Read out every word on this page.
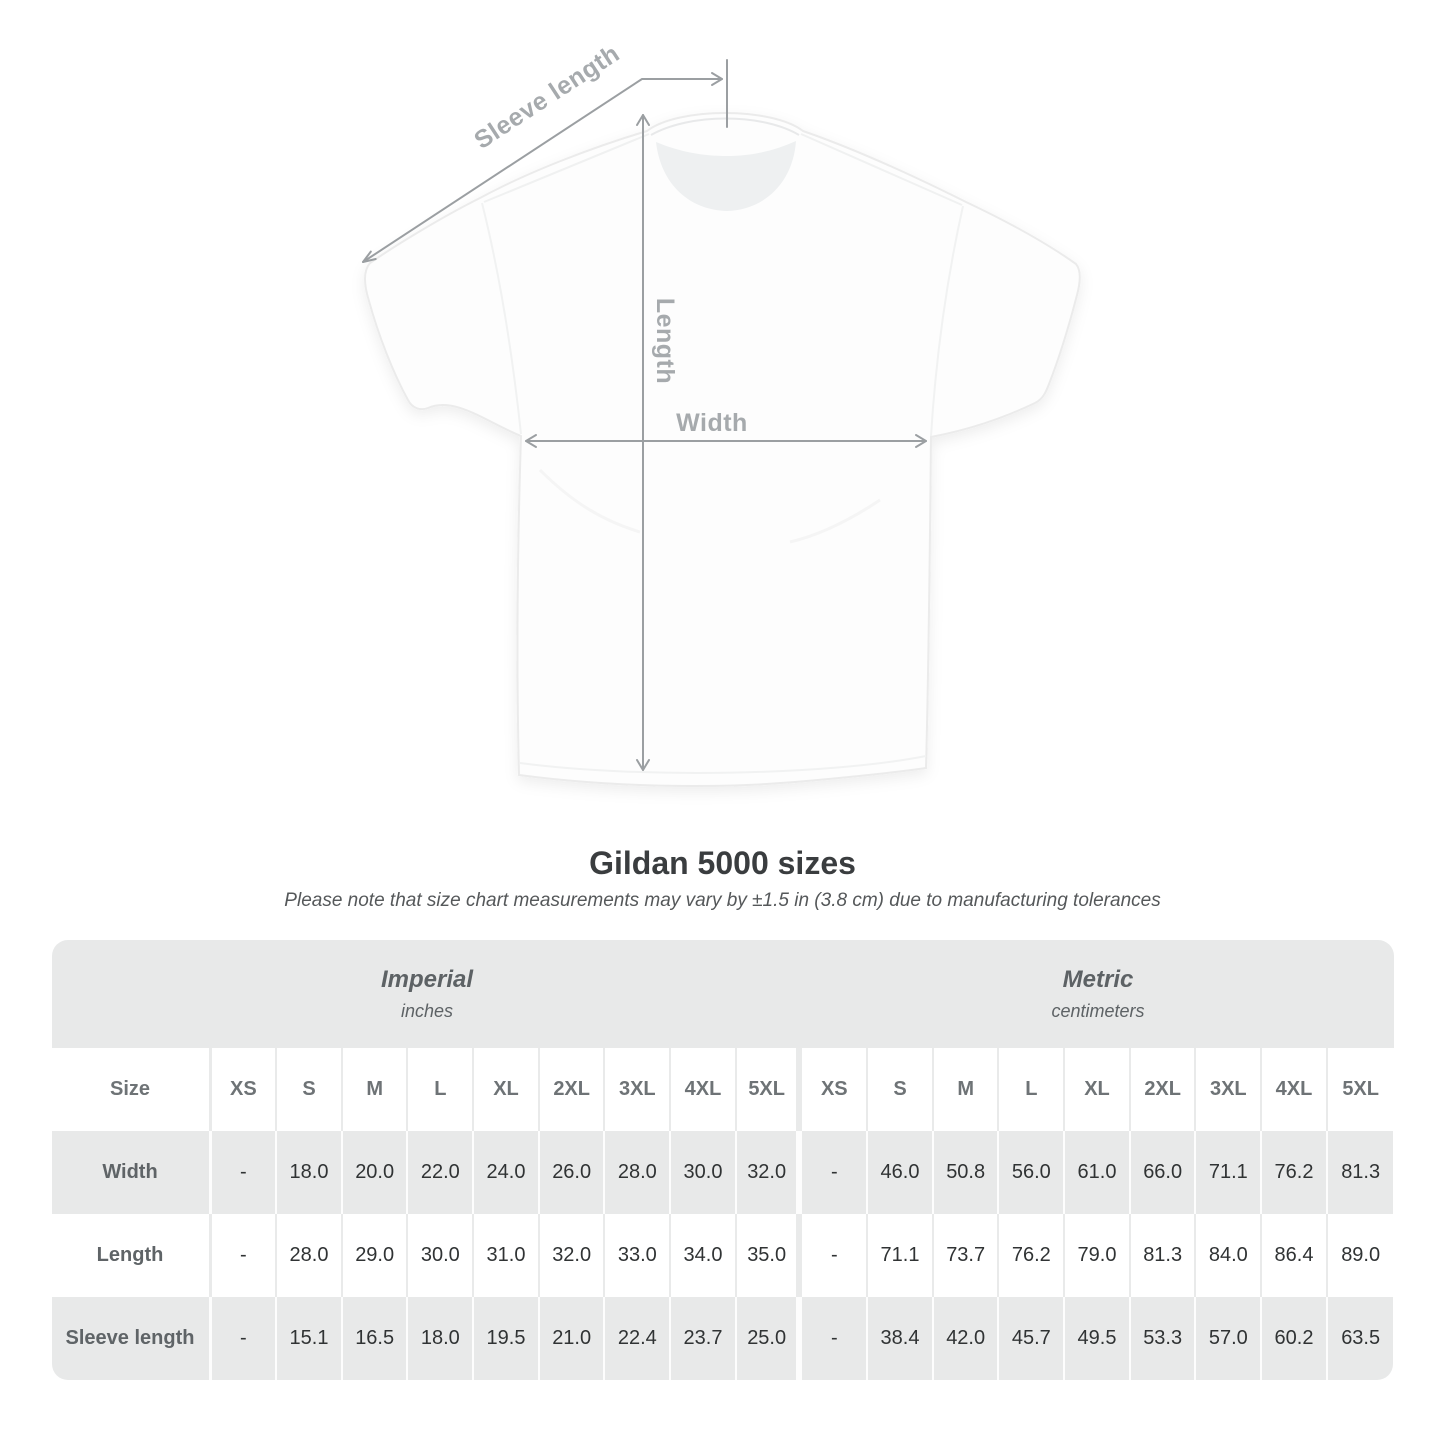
Sleeve length
Length
Width
Gildan 5000 sizes
Please note that size chart measurements may vary by ±1.5 in (3.8 cm) due to manufacturing tolerances
Imperial
inches
Metric
centimeters
Size	XS	S	M	L	XL	2XL	3XL	4XL	5XL	XS	S	M	L	XL	2XL	3XL	4XL	5XL
Width	-	18.0	20.0	22.0	24.0	26.0	28.0	30.0	32.0	-	46.0	50.8	56.0	61.0	66.0	71.1	76.2	81.3
Length	-	28.0	29.0	30.0	31.0	32.0	33.0	34.0	35.0	-	71.1	73.7	76.2	79.0	81.3	84.0	86.4	89.0
Sleeve length	-	15.1	16.5	18.0	19.5	21.0	22.4	23.7	25.0	-	38.4	42.0	45.7	49.5	53.3	57.0	60.2	63.5
